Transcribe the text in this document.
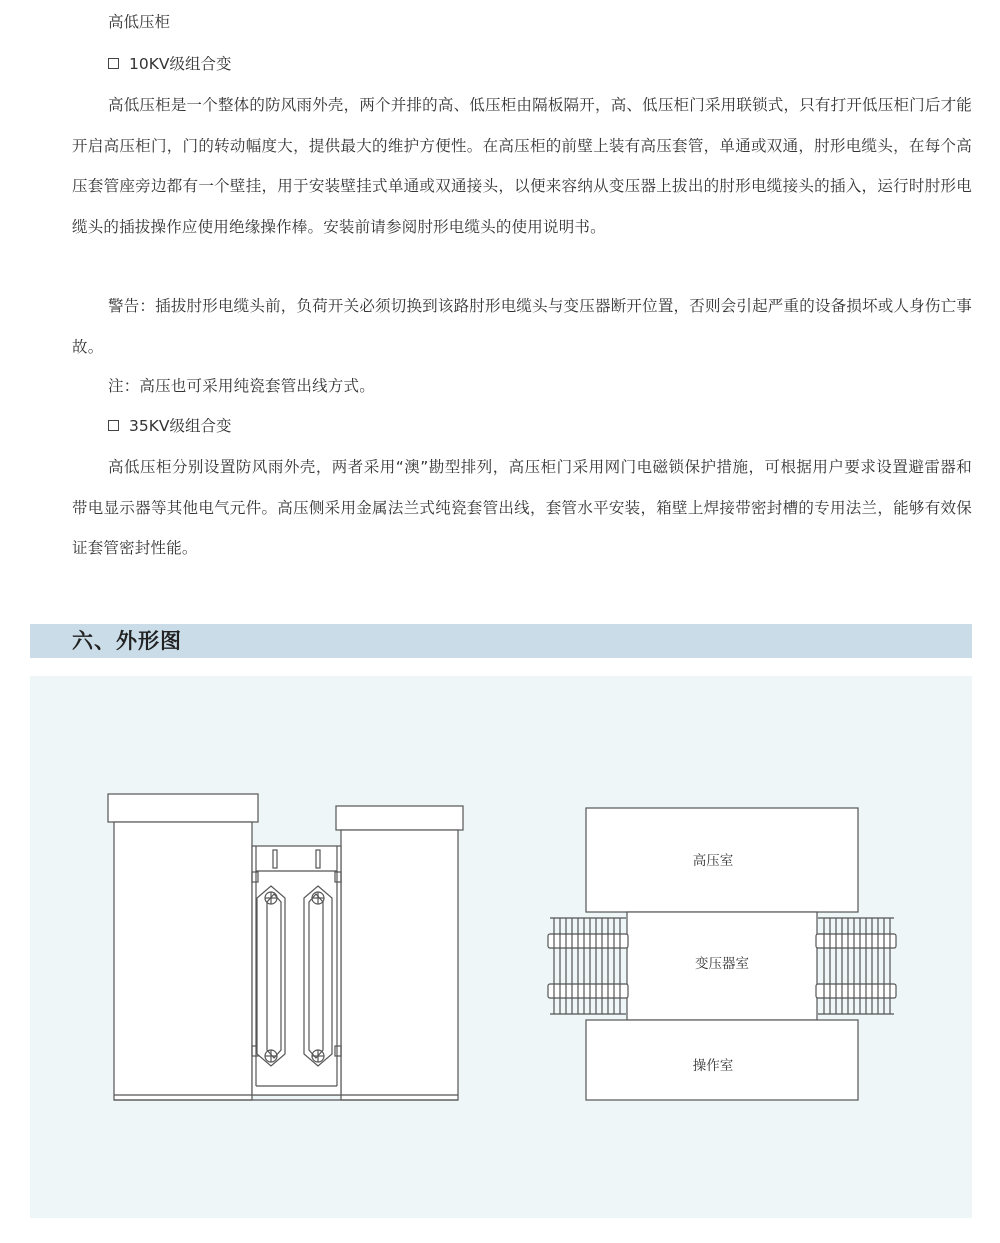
高低压柜
10KV级组合变
高低压柜是一个整体的防风雨外壳，两个并排的高、低压柜由隔板隔开，高、低压柜门采用联锁式，只有打开低压柜门后才能开启高压柜门，门的转动幅度大，提供最大的维护方便性。在高压柜的前壁上装有高压套管，单通或双通，肘形电缆头，在每个高压套管座旁边都有一个壁挂，用于安装壁挂式单通或双通接头，以便来容纳从变压器上拔出的肘形电缆接头的插入，运行时肘形电缆头的插拔操作应使用绝缘操作棒。安装前请参阅肘形电缆头的使用说明书。
警告：插拔肘形电缆头前，负荷开关必须切换到该路肘形电缆头与变压器断开位置，否则会引起严重的设备损坏或人身伤亡事故。
注：高压也可采用纯瓷套管出线方式。
35KV级组合变
高低压柜分别设置防风雨外壳，两者采用“澳”勘型排列，高压柜门采用网门电磁锁保护措施，可根据用户要求设置避雷器和带电显示器等其他电气元件。高压侧采用金属法兰式纯瓷套管出线，套管水平安装，箱壁上焊接带密封槽的专用法兰，能够有效保证套管密封性能。
六、外形图
高压室
变压器室
操作室
